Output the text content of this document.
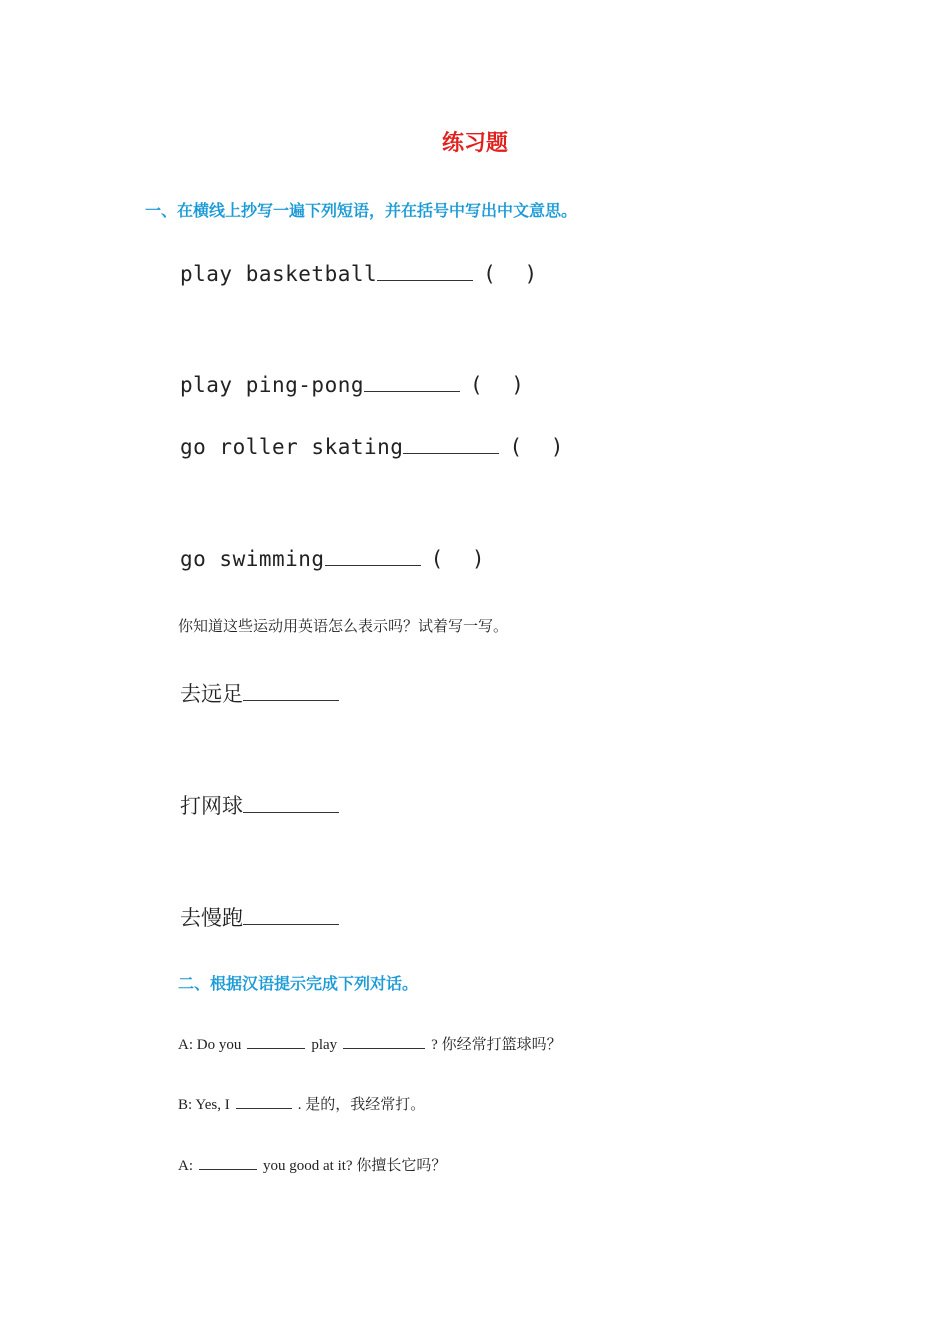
练习题
一、在横线上抄写一遍下列短语，并在括号中写出中文意思。
play basketball	( )
play ping-pong	( )
go roller skating	( )
go swimming	( )
你知道这些运动用英语怎么表示吗？试着写一写。
去远足
打网球
去慢跑
二、根据汉语提示完成下列对话。
A: Do you	play	? 你经常打篮球吗？
B: Yes, I	. 是的，我经常打。
A:	you good at it? 你擅长它吗？
